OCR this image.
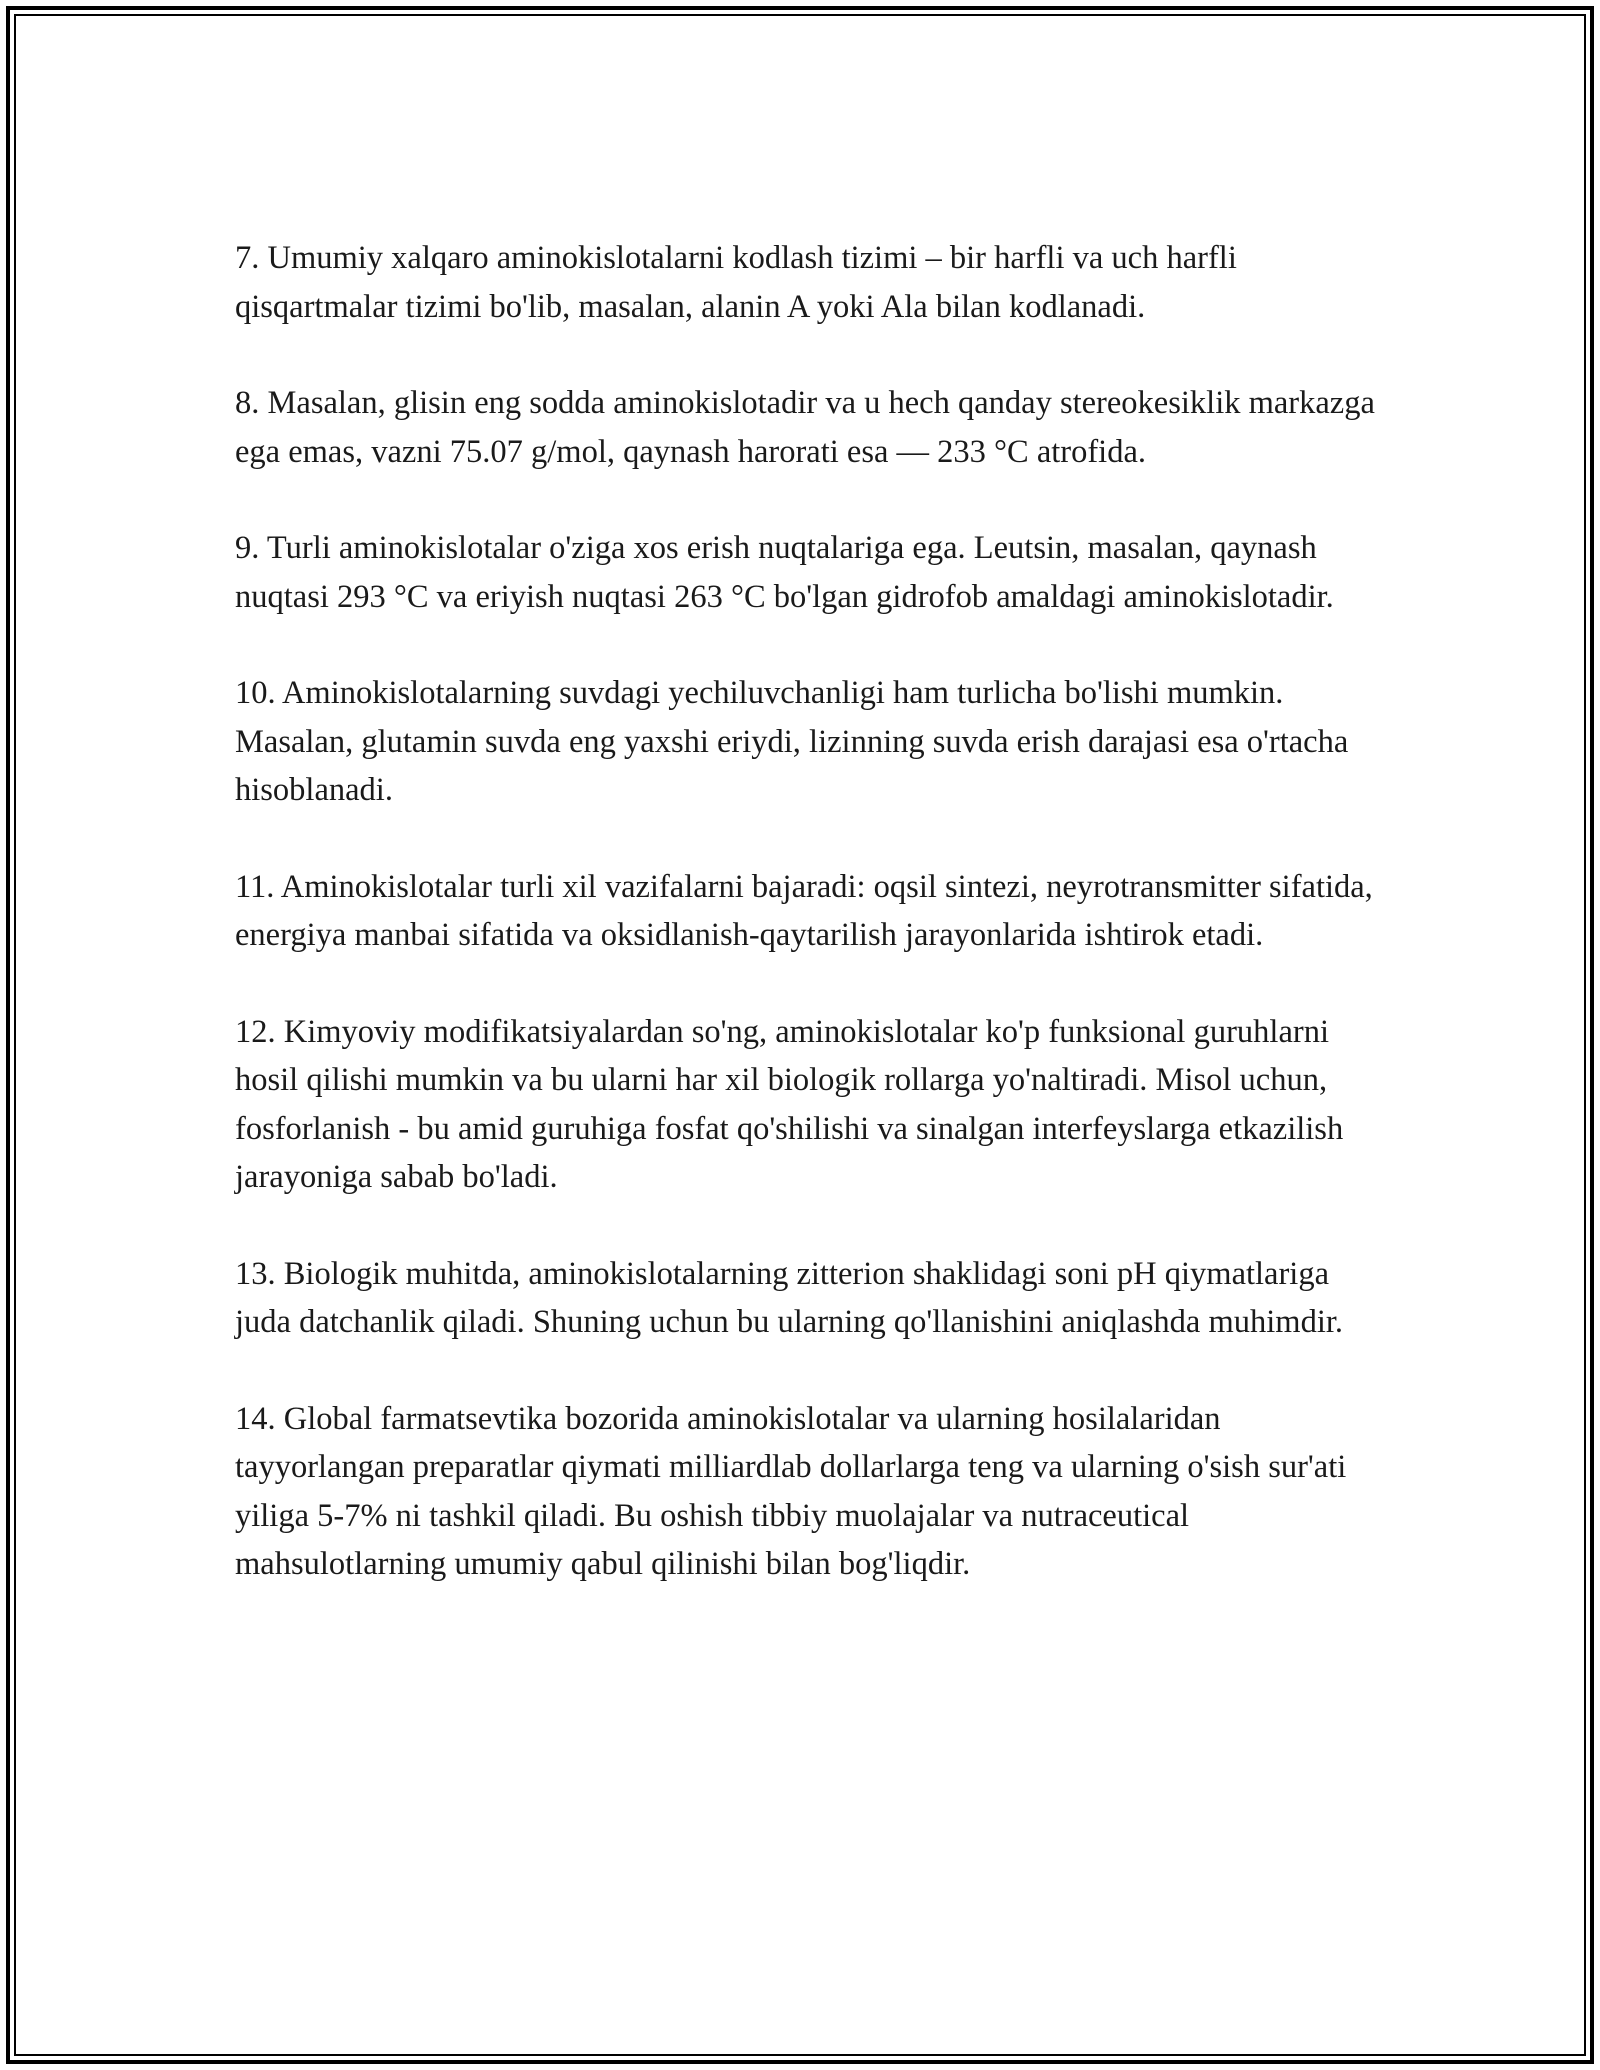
7. Umumiy xalqaro aminokislotalarni kodlash tizimi – bir harfli va uch harfli qisqartmalar tizimi bo'lib, masalan, alanin A yoki Ala bilan kodlanadi.

8. Masalan, glisin eng sodda aminokislotadir va u hech qanday stereokesiklik markazga ega emas, vazni 75.07 g/mol, qaynash harorati esa — 233 °C atrofida.

9. Turli aminokislotalar o'ziga xos erish nuqtalariga ega. Leutsin, masalan, qaynash nuqtasi 293 °C va eriyish nuqtasi 263 °C bo'lgan gidrofob amaldagi aminokislotadir.

10. Aminokislotalarning suvdagi yechiluvchanligi ham turlicha bo'lishi mumkin. Masalan, glutamin suvda eng yaxshi eriydi, lizinning suvda erish darajasi esa o'rtacha hisoblanadi.

11. Aminokislotalar turli xil vazifalarni bajaradi: oqsil sintezi, neyrotransmitter sifatida, energiya manbai sifatida va oksidlanish-qaytarilish jarayonlarida ishtirok etadi.

12. Kimyoviy modifikatsiyalardan so'ng, aminokislotalar ko'p funksional guruhlarni hosil qilishi mumkin va bu ularni har xil biologik rollarga yo'naltiradi. Misol uchun, fosforlanish - bu amid guruhiga fosfat qo'shilishi va sinalgan interfeyslarga etkazilish jarayoniga sabab bo'ladi.

13. Biologik muhitda, aminokislotalarning zitterion shaklidagi soni pH qiymatlariga juda datchanlik qiladi. Shuning uchun bu ularning qo'llanishini aniqlashda muhimdir.

14. Global farmatsevtika bozorida aminokislotalar va ularning hosilalaridan tayyorlangan preparatlar qiymati milliardlab dollarlarga teng va ularning o'sish sur'ati yiliga 5-7% ni tashkil qiladi. Bu oshish tibbiy muolajalar va nutraceutical mahsulotlarning umumiy qabul qilinishi bilan bog'liqdir.
